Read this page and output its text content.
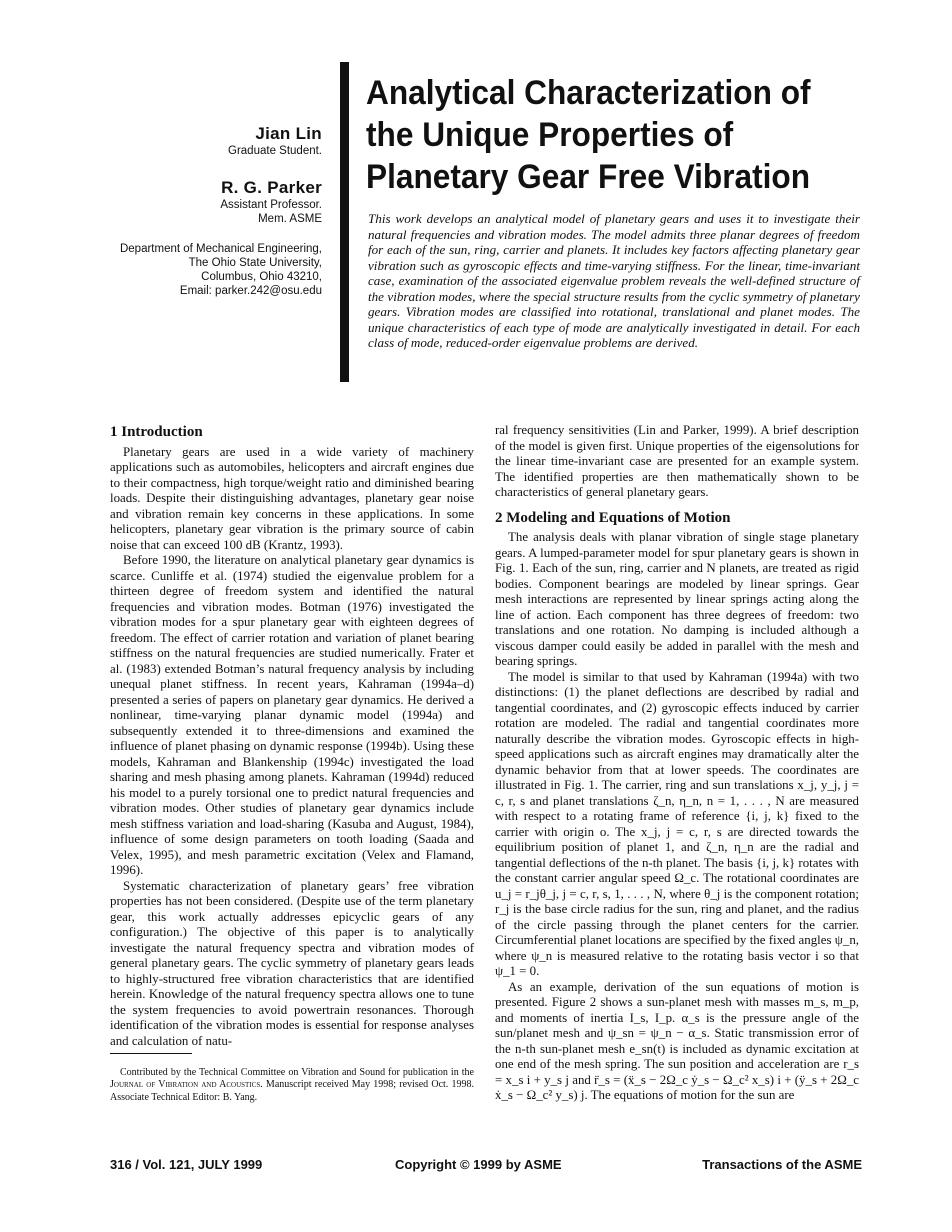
Jian Lin
Graduate Student.
R. G. Parker
Assistant Professor.
Mem. ASME
Department of Mechanical Engineering,
The Ohio State University,
Columbus, Ohio 43210,
Email: parker.242@osu.edu
Analytical Characterization of
the Unique Properties of
Planetary Gear Free Vibration
This work develops an analytical model of planetary gears and uses it to investigate their natural frequencies and vibration modes. The model admits three planar degrees of freedom for each of the sun, ring, carrier and planets. It includes key factors affecting planetary gear vibration such as gyroscopic effects and time-varying stiffness. For the linear, time-invariant case, examination of the associated eigenvalue problem reveals the well-defined structure of the vibration modes, where the special structure results from the cyclic symmetry of planetary gears. Vibration modes are classified into rotational, translational and planet modes. The unique characteristics of each type of mode are analytically investigated in detail. For each class of mode, reduced-order eigenvalue problems are derived.
1 Introduction

Planetary gears are used in a wide variety of machinery applications such as automobiles, helicopters and aircraft engines due to their compactness, high torque/weight ratio and diminished bearing loads. Despite their distinguishing advantages, planetary gear noise and vibration remain key concerns in these applications. In some helicopters, planetary gear vibration is the primary source of cabin noise that can exceed 100 dB (Krantz, 1993).

Before 1990, the literature on analytical planetary gear dynamics is scarce. Cunliffe et al. (1974) studied the eigenvalue problem for a thirteen degree of freedom system and identified the natural frequencies and vibration modes. Botman (1976) investigated the vibration modes for a spur planetary gear with eighteen degrees of freedom. The effect of carrier rotation and variation of planet bearing stiffness on the natural frequencies are studied numerically. Frater et al. (1983) extended Botman’s natural frequency analysis by including unequal planet stiffness. In recent years, Kahraman (1994a–d) presented a series of papers on planetary gear dynamics. He derived a nonlinear, time-varying planar dynamic model (1994a) and subsequently extended it to three-dimensions and examined the influence of planet phasing on dynamic response (1994b). Using these models, Kahraman and Blankenship (1994c) investigated the load sharing and mesh phasing among planets. Kahraman (1994d) reduced his model to a purely torsional one to predict natural frequencies and vibration modes. Other studies of planetary gear dynamics include mesh stiffness variation and load-sharing (Kasuba and August, 1984), influence of some design parameters on tooth loading (Saada and Velex, 1995), and mesh parametric excitation (Velex and Flamand, 1996).

Systematic characterization of planetary gears’ free vibration properties has not been considered. (Despite use of the term planetary gear, this work actually addresses epicyclic gears of any configuration.) The objective of this paper is to analytically investigate the natural frequency spectra and vibration modes of general planetary gears. The cyclic symmetry of planetary gears leads to highly-structured free vibration characteristics that are identified herein. Knowledge of the natural frequency spectra allows one to tune the system frequencies to avoid powertrain resonances. Thorough identification of the vibration modes is essential for response analyses and calculation of natu-

ral frequency sensitivities (Lin and Parker, 1999). A brief description of the model is given first. Unique properties of the eigensolutions for the linear time-invariant case are presented for an example system. The identified properties are then mathematically shown to be characteristics of general planetary gears.

2 Modeling and Equations of Motion

The analysis deals with planar vibration of single stage planetary gears. A lumped-parameter model for spur planetary gears is shown in Fig. 1. Each of the sun, ring, carrier and N planets, are treated as rigid bodies. Component bearings are modeled by linear springs. Gear mesh interactions are represented by linear springs acting along the line of action. Each component has three degrees of freedom: two translations and one rotation. No damping is included although a viscous damper could easily be added in parallel with the mesh and bearing springs.

The model is similar to that used by Kahraman (1994a) with two distinctions: (1) the planet deflections are described by radial and tangential coordinates, and (2) gyroscopic effects induced by carrier rotation are modeled. The radial and tangential coordinates more naturally describe the vibration modes. Gyroscopic effects in high-speed applications such as aircraft engines may dramatically alter the dynamic behavior from that at lower speeds. The coordinates are illustrated in Fig. 1. The carrier, ring and sun translations x_j, y_j, j = c, r, s and planet translations ζ_n, η_n, n = 1, . . . , N are measured with respect to a rotating frame of reference {i, j, k} fixed to the carrier with origin o. The x_j, j = c, r, s are directed towards the equilibrium position of planet 1, and ζ_n, η_n are the radial and tangential deflections of the n-th planet. The basis {i, j, k} rotates with the constant carrier angular speed Ω_c. The rotational coordinates are u_j = r_jθ_j, j = c, r, s, 1, . . . , N, where θ_j is the component rotation; r_j is the base circle radius for the sun, ring and planet, and the radius of the circle passing through the planet centers for the carrier. Circumferential planet locations are specified by the fixed angles ψ_n, where ψ_n is measured relative to the rotating basis vector i so that ψ_1 = 0.

As an example, derivation of the sun equations of motion is presented. Figure 2 shows a sun-planet mesh with masses m_s, m_p, and moments of inertia I_s, I_p. α_s is the pressure angle of the sun/planet mesh and ψ_sn = ψ_n − α_s. Static transmission error of the n-th sun-planet mesh e_sn(t) is included as dynamic excitation at one end of the mesh spring. The sun position and acceleration are r_s = x_s i + y_s j and r̈_s = (ẍ_s − 2Ω_c ẏ_s − Ω_c² x_s) i + (ÿ_s + 2Ω_c ẋ_s − Ω_c² y_s) j. The equations of motion for the sun are

Contributed by the Technical Committee on Vibration and Sound for publication in the Journal of Vibration and Acoustics. Manuscript received May 1998; revised Oct. 1998. Associate Technical Editor: B. Yang.
316 / Vol. 121, JULY 1999	Copyright © 1999 by ASME	Transactions of the ASME
